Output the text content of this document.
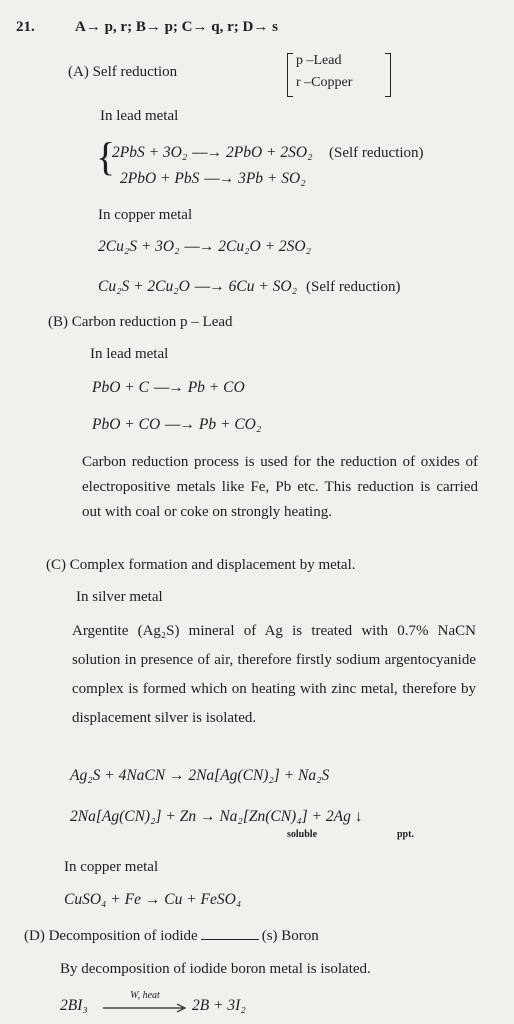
21.	A→ p, r; B→ p; C→ q, r; D→ s
(A) Self reduction
p –Lead
r –Copper
In lead metal
{
2PbS + 3O₂ ⎯⎯→ 2PbO + 2SO₂ (Self reduction)
2PbO + PbS ⎯⎯→ 3Pb + SO₂
In copper metal
2Cu₂S + 3O₂ ⎯⎯→ 2Cu₂O + 2SO₂
Cu₂S + 2Cu₂O ⎯⎯→ 6Cu + SO₂ (Self reduction)
(B) Carbon reduction p – Lead
In lead metal
PbO + C ⎯⎯→ Pb + CO
PbO + CO ⎯⎯→ Pb + CO₂
Carbon reduction process is used for the reduction of oxides of electropositive metals like Fe, Pb etc. This reduction is carried out with coal or coke on strongly heating.
(C) Complex formation and displacement by metal.
In silver metal
Argentite (Ag₂S) mineral of Ag is treated with 0.7% NaCN solution in presence of air, therefore firstly sodium argentocyanide complex is formed which on heating with zinc metal, therefore by displacement silver is isolated.
Ag₂S + 4NaCN → 2Na[Ag(CN)₂] + Na₂S
2Na[Ag(CN)₂] + Zn → Na₂[Zn(CN)₄] + 2Ag ↓
soluble	ppt.
In copper metal
CuSO₄ + Fe → Cu + FeSO₄
(D) Decomposition of iodide	(s) Boron
By decomposition of iodide boron metal is isolated.
2BI₃
W, heat
2B + 3I₂
